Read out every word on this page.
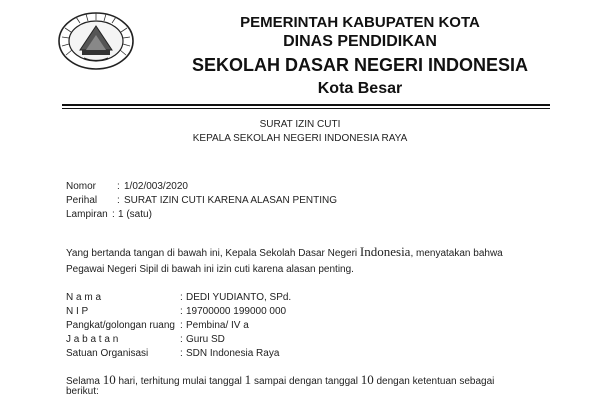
PEMERINTAH KABUPATEN KOTA
DINAS PENDIDIKAN
SEKOLAH DASAR NEGERI INDONESIA
Kota Besar
SURAT IZIN CUTI
KEPALA SEKOLAH NEGERI INDONESIA RAYA
Nomor : 1/02/003/2020
Perihal : SURAT IZIN CUTI KARENA ALASAN PENTING
Lampiran : 1 (satu)
Yang bertanda tangan di bawah ini, Kepala Sekolah Dasar Negeri Indonesia, menyatakan bahwa
Pegawai Negeri Sipil di bawah ini izin cuti karena alasan penting.
N a m a	: DEDI YUDIANTO, SPd.
N I P	: 19700000 199000 000
Pangkat/golongan ruang : Pembina/ IV a
J a b a t a n	: Guru SD
Satuan Organisasi	: SDN Indonesia Raya
Selama 10 hari, terhitung mulai tanggal 1 sampai dengan tanggal 10 dengan ketentuan sebagai
berikut:
